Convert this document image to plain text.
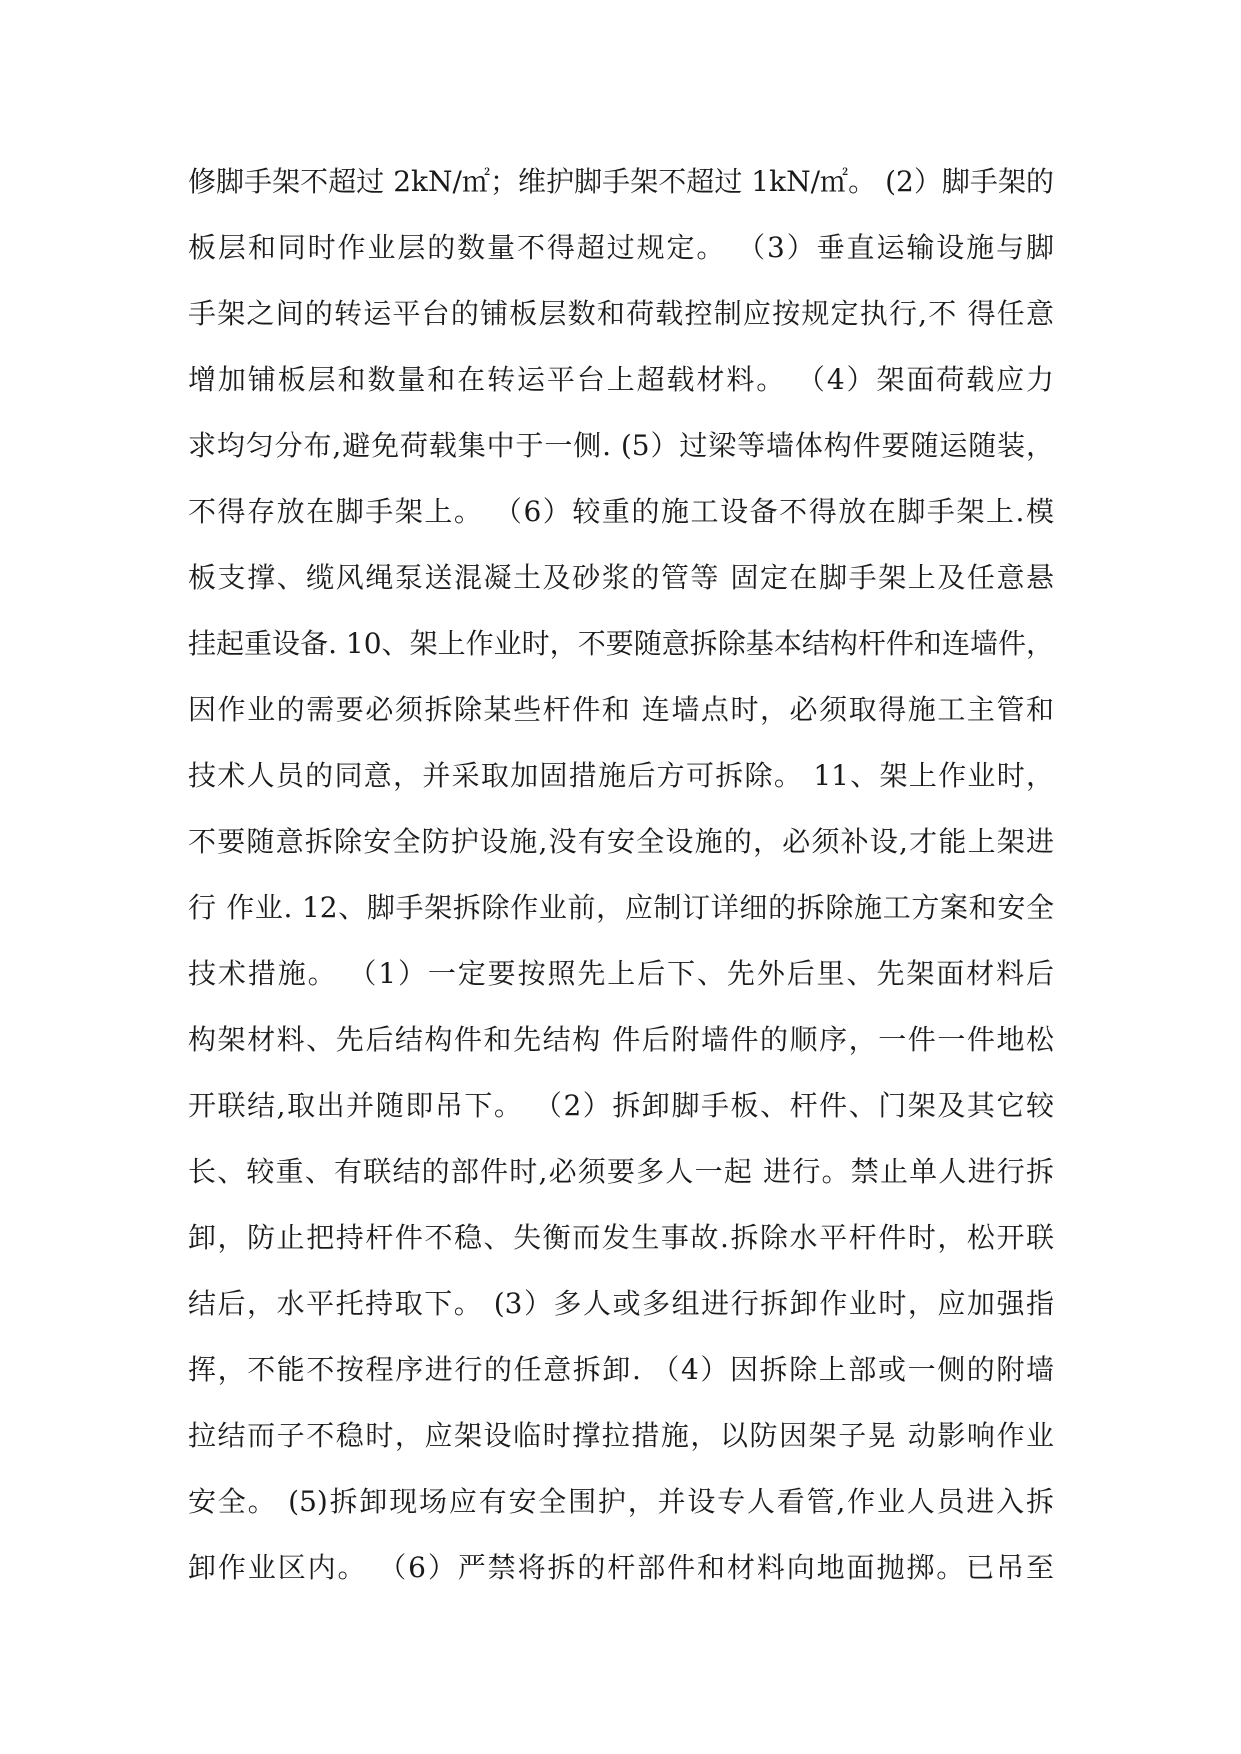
修脚手架不超过 2kN/㎡；维护脚手架不超过 1kN/㎡。 (2）脚手架的
板层和同时作业层的数量不得超过规定。 （3）垂直运输设施与脚
手架之间的转运平台的铺板层数和荷载控制应按规定执行,不 得任意
增加铺板层和数量和在转运平台上超载材料。 （4）架面荷载应力
求均匀分布,避免荷载集中于一侧. (5）过梁等墙体构件要随运随装，
不得存放在脚手架上。 （6）较重的施工设备不得放在脚手架上.模
板支撑、缆风绳泵送混凝土及砂浆的管等 固定在脚手架上及任意悬
挂起重设备. 10、架上作业时，不要随意拆除基本结构杆件和连墙件，
因作业的需要必须拆除某些杆件和 连墙点时，必须取得施工主管和
技术人员的同意，并采取加固措施后方可拆除。 11、架上作业时，
不要随意拆除安全防护设施,没有安全设施的，必须补设,才能上架进
行 作业. 12、脚手架拆除作业前，应制订详细的拆除施工方案和安全
技术措施。 （1）一定要按照先上后下、先外后里、先架面材料后
构架材料、先后结构件和先结构 件后附墙件的顺序，一件一件地松
开联结,取出并随即吊下。 （2）拆卸脚手板、杆件、门架及其它较
长、较重、有联结的部件时,必须要多人一起 进行。禁止单人进行拆
卸，防止把持杆件不稳、失衡而发生事故.拆除水平杆件时，松开联
结后，水平托持取下。 (3）多人或多组进行拆卸作业时，应加强指
挥，不能不按程序进行的任意拆卸. （4）因拆除上部或一侧的附墙
拉结而子不稳时，应架设临时撑拉措施，以防因架子晃 动影响作业
安全。 (5)拆卸现场应有安全围护，并设专人看管,作业人员进入拆
卸作业区内。 （6）严禁将拆的杆部件和材料向地面抛掷。已吊至
